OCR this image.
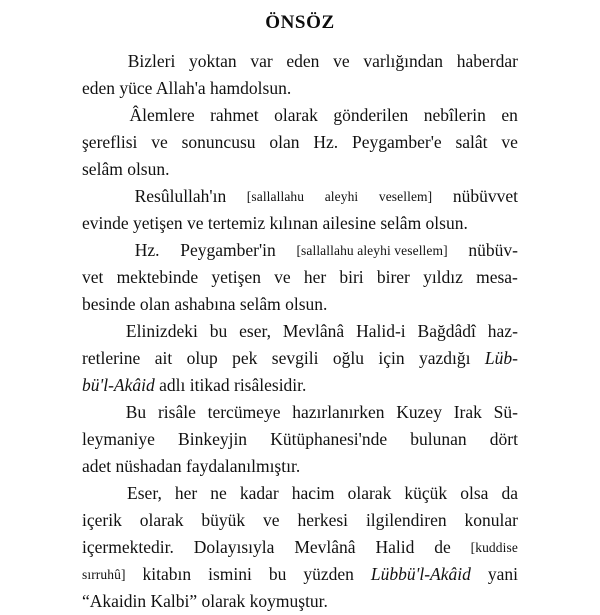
ÖNSÖZ

Bizleri yoktan var eden ve varlığından haberdar
eden yüce Allah'a hamdolsun.

Âlemlere rahmet olarak gönderilen nebîlerin en
şereflisi ve sonuncusu olan Hz. Peygamber'e salât ve
selâm olsun.

Resûlullah'ın [sallallahu aleyhi vesellem] nübüvvet
evinde yetişen ve tertemiz kılınan ailesine selâm olsun.

Hz. Peygamber'in [sallallahu aleyhi vesellem] nübüv-
vet mektebinde yetişen ve her biri birer yıldız mesa-
besinde olan ashabına selâm olsun.

Elinizdeki bu eser, Mevlânâ Halid-i Bağdâdî haz-
retlerine ait olup pek sevgili oğlu için yazdığı Lüb-
bü'l-Akâid adlı itikad risâlesidir.

Bu risâle tercümeye hazırlanırken Kuzey Irak Sü-
leymaniye Binkeyjin Kütüphanesi'nde bulunan dört
adet nüshadan faydalanılmıştır.

Eser, her ne kadar hacim olarak küçük olsa da
içerik olarak büyük ve herkesi ilgilendiren konular
içermektedir. Dolayısıyla Mevlânâ Halid de [kuddise
sırruhû] kitabın ismini bu yüzden Lübbü'l-Akâid yani
“Akaidin Kalbi” olarak koymuştur.
